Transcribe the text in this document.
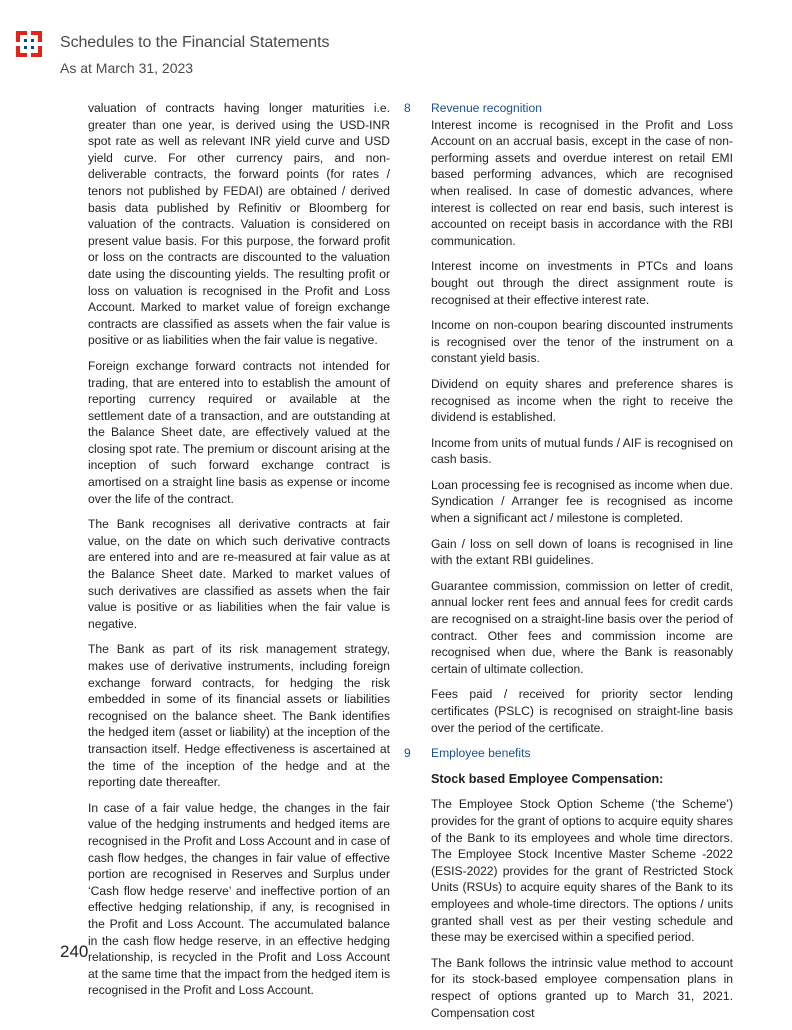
Schedules to the Financial Statements
As at March 31, 2023

valuation of contracts having longer maturities i.e. greater than one year, is derived using the USD-INR spot rate as well as relevant INR yield curve and USD yield curve. For other currency pairs, and non-deliverable contracts, the forward points (for rates / tenors not published by FEDAI) are obtained / derived basis data published by Refinitiv or Bloomberg for valuation of the contracts. Valuation is considered on present value basis. For this purpose, the forward profit or loss on the contracts are discounted to the valuation date using the discounting yields. The resulting profit or loss on valuation is recognised in the Profit and Loss Account. Marked to market value of foreign exchange contracts are classified as assets when the fair value is positive or as liabilities when the fair value is negative.

Foreign exchange forward contracts not intended for trading, that are entered into to establish the amount of reporting currency required or available at the settlement date of a transaction, and are outstanding at the Balance Sheet date, are effectively valued at the closing spot rate. The premium or discount arising at the inception of such forward exchange contract is amortised on a straight line basis as expense or income over the life of the contract.

The Bank recognises all derivative contracts at fair value, on the date on which such derivative contracts are entered into and are re-measured at fair value as at the Balance Sheet date. Marked to market values of such derivatives are classified as assets when the fair value is positive or as liabilities when the fair value is negative.

The Bank as part of its risk management strategy, makes use of derivative instruments, including foreign exchange forward contracts, for hedging the risk embedded in some of its financial assets or liabilities recognised on the balance sheet. The Bank identifies the hedged item (asset or liability) at the inception of the transaction itself. Hedge effectiveness is ascertained at the time of the inception of the hedge and at the reporting date thereafter.

In case of a fair value hedge, the changes in the fair value of the hedging instruments and hedged items are recognised in the Profit and Loss Account and in case of cash flow hedges, the changes in fair value of effective portion are recognised in Reserves and Surplus under ‘Cash flow hedge reserve’ and ineffective portion of an effective hedging relationship, if any, is recognised in the Profit and Loss Account. The accumulated balance in the cash flow hedge reserve, in an effective hedging relationship, is recycled in the Profit and Loss Account at the same time that the impact from the hedged item is recognised in the Profit and Loss Account.

8 Revenue recognition

Interest income is recognised in the Profit and Loss Account on an accrual basis, except in the case of non-performing assets and overdue interest on retail EMI based performing advances, which are recognised when realised. In case of domestic advances, where interest is collected on rear end basis, such interest is accounted on receipt basis in accordance with the RBI communication.

Interest income on investments in PTCs and loans bought out through the direct assignment route is recognised at their effective interest rate.

Income on non-coupon bearing discounted instruments is recognised over the tenor of the instrument on a constant yield basis.

Dividend on equity shares and preference shares is recognised as income when the right to receive the dividend is established.

Income from units of mutual funds / AIF is recognised on cash basis.

Loan processing fee is recognised as income when due. Syndication / Arranger fee is recognised as income when a significant act / milestone is completed.

Gain / loss on sell down of loans is recognised in line with the extant RBI guidelines.

Guarantee commission, commission on letter of credit, annual locker rent fees and annual fees for credit cards are recognised on a straight-line basis over the period of contract. Other fees and commission income are recognised when due, where the Bank is reasonably certain of ultimate collection.

Fees paid / received for priority sector lending certificates (PSLC) is recognised on straight-line basis over the period of the certificate.

9 Employee benefits

Stock based Employee Compensation:

The Employee Stock Option Scheme (‘the Scheme’) provides for the grant of options to acquire equity shares of the Bank to its employees and whole time directors. The Employee Stock Incentive Master Scheme -2022 (ESIS-2022) provides for the grant of Restricted Stock Units (RSUs) to acquire equity shares of the Bank to its employees and whole-time directors. The options / units granted shall vest as per their vesting schedule and these may be exercised within a specified period.

The Bank follows the intrinsic value method to account for its stock-based employee compensation plans in respect of options granted up to March 31, 2021. Compensation cost

240
